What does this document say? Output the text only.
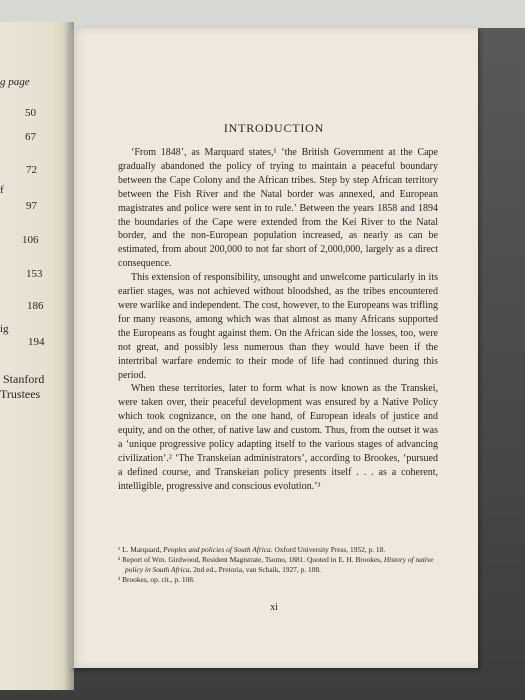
g page
50
67
72
f
97
106
153
186
ig
194
Stanford
Trustees
INTRODUCTION

‘From 1848’, as Marquard states,¹ ‘the British Government at the Cape gradually abandoned the policy of trying to maintain a peaceful boundary between the Cape Colony and the African tribes. Step by step African territory between the Fish River and the Natal border was annexed, and European magistrates and police were sent in to rule.’ Between the years 1858 and 1894 the boundaries of the Cape were extended from the Kei River to the Natal border, and the non-European population increased, as nearly as can be estimated, from about 200,000 to not far short of 2,000,000, largely as a direct consequence.

This extension of responsibility, unsought and unwelcome particularly in its earlier stages, was not achieved without bloodshed, as the tribes encountered were warlike and independent. The cost, however, to the Europeans was trifling for many reasons, among which was that almost as many Africans supported the Europeans as fought against them. On the African side the losses, too, were not great, and possibly less numerous than they would have been if the intertribal warfare endemic to their mode of life had continued during this period.

When these territories, later to form what is now known as the Transkei, were taken over, their peaceful development was ensured by a Native Policy which took cognizance, on the one hand, of European ideals of justice and equity, and on the other, of native law and custom. Thus, from the outset it was a ‘unique progressive policy adapting itself to the various stages of advancing civilization’.² ‘The Transkeian administrators’, according to Brookes, ‘pursued a defined course, and Transkeian policy presents itself . . . as a coherent, intelligible, progressive and conscious evolution.’³

¹ L. Marquard, Peoples and policies of South Africa. Oxford University Press, 1952, p. 18.

² Report of Wm. Girdwood, Resident Magistrate, Tsomo, 1881. Quoted in E. H. Brookes, History of native policy in South Africa, 2nd ed., Pretoria, van Schaik, 1927, p. 108.

³ Brookes, op. cit., p. 108.

xi
